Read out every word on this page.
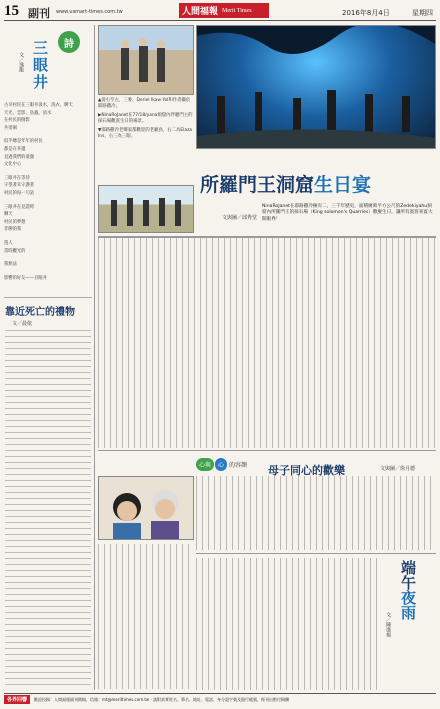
15 副刊 www.usmart-times.com.tw	人間福報 Merit Times	2016年8月4日	星期四
詩
三眼井
文／逸龍
古早村民在三眼井汲水，洗衣，聊天
天光，雲影，鳥蟲，清水
在村民的倒影
共徘徊
似乎總是年年的村民
都是在井邊
見過我們的童顏
文化中心
三眼井在等待
守望著未守護著
村民的每一句話
三眼井在見證時
聊天
村民的夢想
非聊的我
遊人
當時觀光的
我無法
影響的好友——目眼井
靠近死亡的禮物
文／晨依
▲從右至左，三麥、Deriel Ikaw Yol和作者攝於耶路撒冷。
▶NinaRoJanet在77/18/yana洞窟內伴麗門主的採石場觀賞生日的場景。
▼耶路撒冷老鄉家都歡迎的老顧鳥，右二為Elaza Ins，右三為三眼。
所羅門王洞窟生日宴
文與圖／邱秀堂
NinaRoJanet在耶路撒冷擁有二，三千年歷史，面積廣萬平方公尺的Zedekiyahu洞窟內所羅門王的採石場（King solomon's Quarries）歡慶生日，讓所有賓客來賓大開眼界！
心與	心 的 容顏 母子同心的歡樂	文與圖／徐月德
端午夜雨
文／陳進福
各界回響	歡迎投稿：人間福報副刊徵稿，信箱：mt@merittimes.com.tw · 請附真實姓名、筆名、地址、電話、身分證字號及銀行帳號，經刊出酌付稿酬
